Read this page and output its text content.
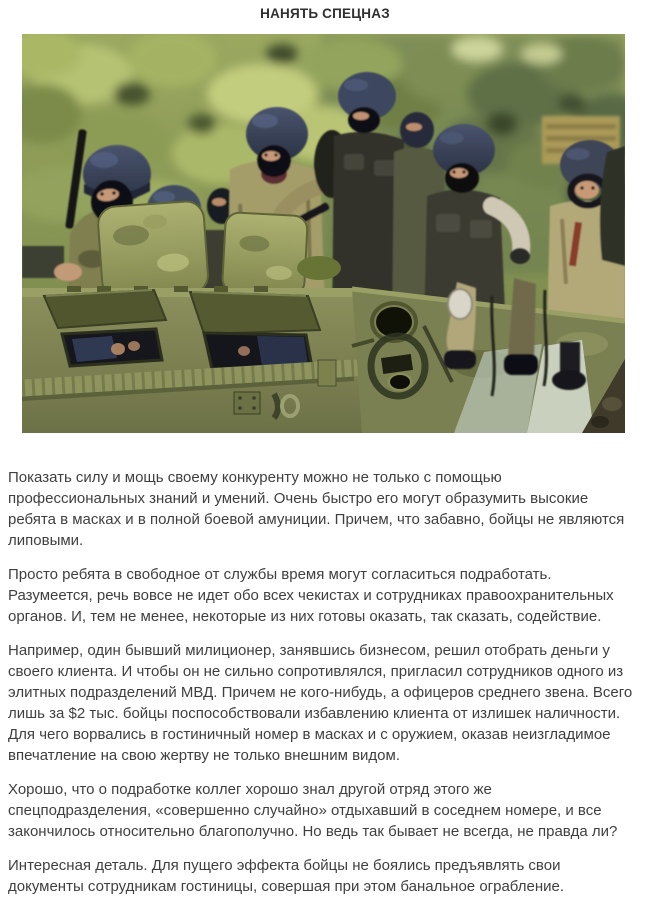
НАНЯТЬ СПЕЦНАЗ

Показать силу и мощь своему конкуренту можно не только с помощью профессиональных знаний и умений. Очень быстро его могут образумить высокие ребята в масках и в полной боевой амуниции. Причем, что забавно, бойцы не являются липовыми.

Просто ребята в свободное от службы время могут согласиться подработать. Разумеется, речь вовсе не идет обо всех чекистах и сотрудниках правоохранительных органов. И, тем не менее, некоторые из них готовы оказать, так сказать, содействие.

Например, один бывший милиционер, занявшись бизнесом, решил отобрать деньги у своего клиента. И чтобы он не сильно сопротивлялся, пригласил сотрудников одного из элитных подразделений МВД. Причем не кого-нибудь, а офицеров среднего звена. Всего лишь за $2 тыс. бойцы поспособствовали избавлению клиента от излишек наличности. Для чего ворвались в гостиничный номер в масках и с оружием, оказав неизгладимое впечатление на свою жертву не только внешним видом.

Хорошо, что о подработке коллег хорошо знал другой отряд этого же спецподразделения, «совершенно случайно» отдыхавший в соседнем номере, и все закончилось относительно благополучно. Но ведь так бывает не всегда, не правда ли?

Интересная деталь. Для пущего эффекта бойцы не боялись предъявлять свои документы сотрудникам гостиницы, совершая при этом банальное ограбление.
